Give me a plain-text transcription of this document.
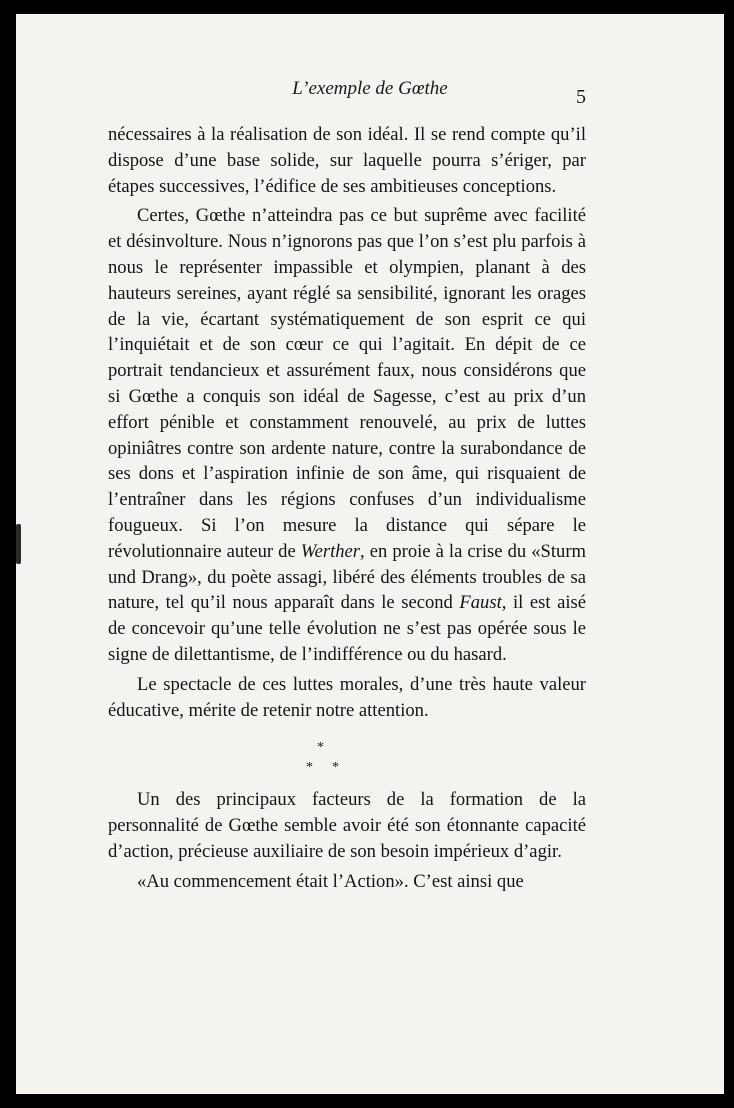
L’exemple de Gœthe	5

nécessaires à la réalisation de son idéal. Il se rend compte qu’il dispose d’une base solide, sur laquelle pourra s’ériger, par étapes successives, l’édifice de ses ambitieuses conceptions.

Certes, Gœthe n’atteindra pas ce but suprême avec facilité et désinvolture. Nous n’ignorons pas que l’on s’est plu parfois à nous le représenter impassible et olympien, planant à des hauteurs sereines, ayant réglé sa sensibilité, ignorant les orages de la vie, écartant systématiquement de son esprit ce qui l’inquiétait et de son cœur ce qui l’agitait. En dépit de ce portrait tendancieux et assurément faux, nous considérons que si Gœthe a conquis son idéal de Sagesse, c’est au prix d’un effort pénible et constamment renouvelé, au prix de luttes opiniâtres contre son ardente nature, contre la surabondance de ses dons et l’aspiration infinie de son âme, qui risquaient de l’entraîner dans les régions confuses d’un individualisme fougueux. Si l’on mesure la distance qui sépare le révolutionnaire auteur de Werther, en proie à la crise du «Sturm und Drang», du poète assagi, libéré des éléments troubles de sa nature, tel qu’il nous apparaît dans le second Faust, il est aisé de concevoir qu’une telle évolution ne s’est pas opérée sous le signe de dilettantisme, de l’indifférence ou du hasard.

Le spectacle de ces luttes morales, d’une très haute valeur éducative, mérite de retenir notre attention.

*
* *

Un des principaux facteurs de la formation de la personnalité de Gœthe semble avoir été son étonnante capacité d’action, précieuse auxiliaire de son besoin impérieux d’agir.

«Au commencement était l’Action». C’est ainsi que
